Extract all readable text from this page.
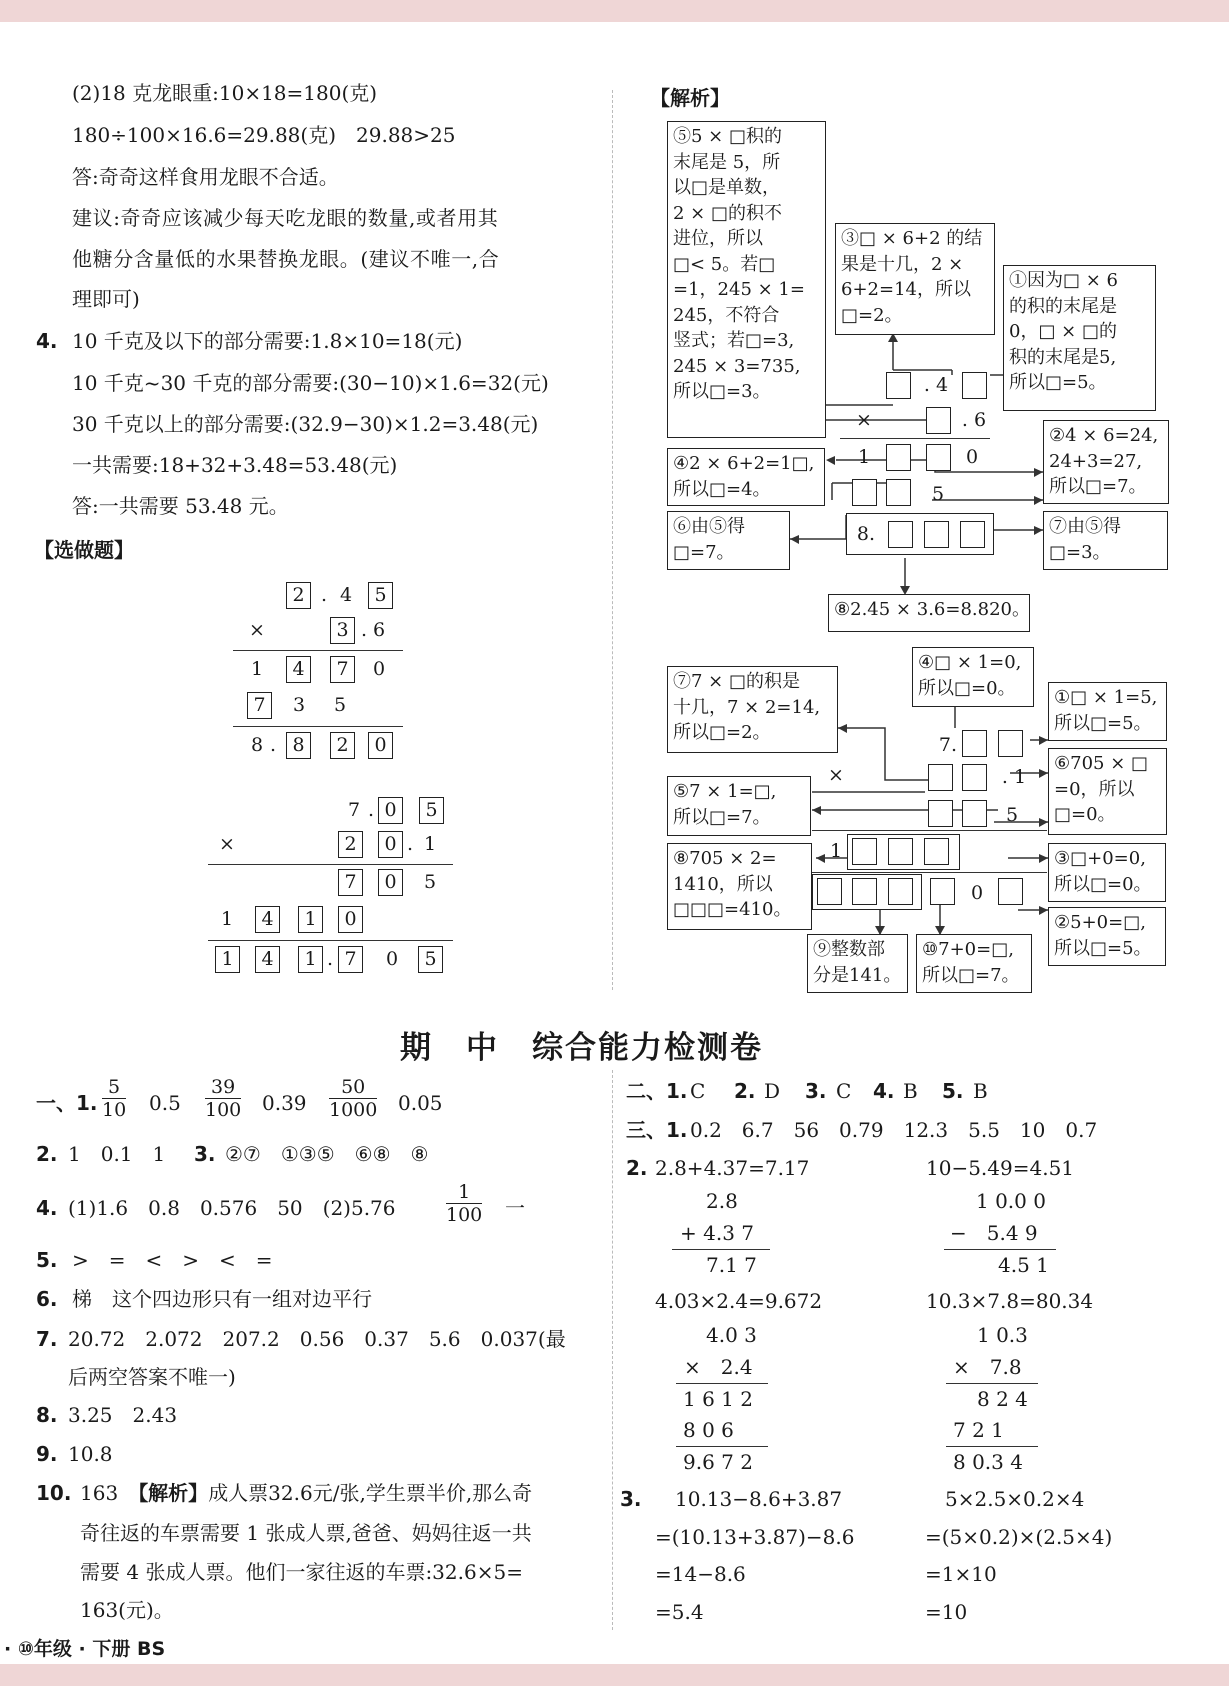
(2)18 克龙眼重:10×18=180(克)
180÷100×16.6=29.88(克)　29.88>25
答:奇奇这样食用龙眼不合适。
建议:奇奇应该减少每天吃龙眼的数量,或者用其
他糖分含量低的水果替换龙眼。(建议不唯一,合
理即可)
4. 10 千克及以下的部分需要:1.8×10=18(元)
10 千克~30 千克的部分需要:(30−10)×1.6=32(元)
30 千克以上的部分需要:(32.9−30)×1.2=3.48(元)
一共需要:18+32+3.48=53.48(元)
答:一共需要 53.48 元。
【选做题】
2 . 4	5
×	3 . 6
1	4	7	0
7	3	5
8 . 8	2	0
7 . 0	5
×	2	0 . 1
7	0	5
1	4	1	0
1	4	1 . 7	0	5
【解析】
⑤5 × □积的
末尾是 5，所
以□是单数，
2 × □的积不
进位，所以
□< 5。若□
=1，245 × 1=
245，不符合
竖式；若□=3,
245 × 3=735,
所以□=3。
③□ × 6+2 的结
果是十几，2 ×
6+2=14，所以
□=2。
①因为□ × 6
的积的末尾是
0，□ × □的
积的末尾是5,
所以□=5。
. 4
×	. 6
④2 × 6+2=1□,
所以□=4。
1	0
②4 × 6=24,
24+3=27,
所以□=7。
5
⑥由⑤得
□=7。
⑦由⑤得
□=3。
8.
⑧2.45 × 3.6=8.820。
④□ × 1=0,
所以□=0。
⑦7 × □的积是
十几，7 × 2=14,
所以□=2。
①□ × 1=5,
所以□=5。
7.
⑥705 × □
=0，所以
□=0。
×	. 1
⑤7 × 1=□,
所以□=7。	5
1
⑧705 × 2=
1410，所以
□□□=410。
③□+0=0,
所以□=0。
0
②5+0=□,
所以□=5。
⑨整数部
分是141。
⑩7+0=□,
所以□=7。
期　中　综合能力检测卷
一、1. $\frac{5}{10} 0.5 \frac{39}{100} 0.39 \frac{50}{1000} 0.05$
2. 1　0.1　1 3. ②⑦　①③⑤　⑥⑧　⑧
4. (1)1.6　0.8　0.576　50　(2)5.76	$\frac{1}{100}$ 一
5. >　=　<　>　<　=
6. 梯　这个四边形只有一组对边平行
7. 20.72　2.072　207.2　0.56　0.37　5.6　0.037(最
后两空答案不唯一)
8. 3.25　2.43
9. 10.8
10. 163　【解析】成人票32.6元/张,学生票半价,那么奇
奇往返的车票需要 1 张成人票,爸爸、妈妈往返一共
需要 4 张成人票。他们一家往返的车票:32.6×5=
163(元)。
二、1. C　 2. D　 3. C　 4. B　 5. B
三、1. 0.2　6.7　56　0.79　12.3　5.5　10　0.7
2. 2.8+4.37=7.17	10−5.49=4.51
2.8
+ 4.3 7
7.1 7
1 0.0 0
−　5.4 9
4.5 1
4.03×2.4=9.672	10.3×7.8=80.34
4.0 3
×　2.4
1 6 1 2
8 0 6
9.6 7 2
1 0.3
×　7.8
8 2 4
7 2 1
8 0.3 4
3. 10.13−8.6+3.87
=(10.13+3.87)−8.6
=14−8.6
=5.4
5×2.5×0.2×4
=(5×0.2)×(2.5×4)
=1×10
=10
· ⑩年级 · 下册 BS
